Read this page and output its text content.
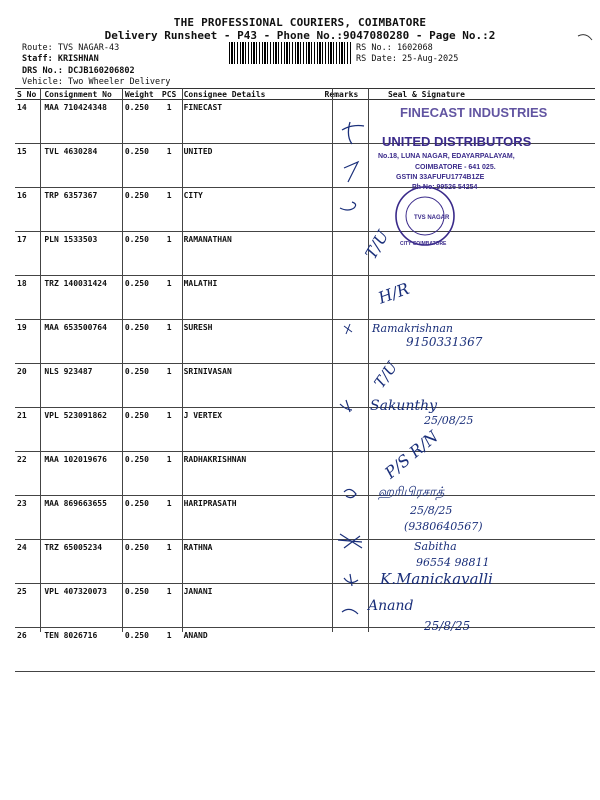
THE PROFESSIONAL COURIERS, COIMBATORE
Delivery Runsheet - P43 - Phone No.:9047080280 - Page No.:2
Route: TVS NAGAR-43
Staff: KRISHNAN
DRS No.: DCJB160206802
Vehicle: Two Wheeler Delivery
RS No.: 1602068
RS Date: 25-Aug-2025
S No	Consignment No	Weight	PCS	Consignee Details	Remarks	Seal & Signature
14	MAA 710424348	0.250	1	FINECAST		
15	TVL 4630284	0.250	1	UNITED		
16	TRP 6357367	0.250	1	CITY		
17	PLN 1533503	0.250	1	RAMANATHAN		
18	TRZ 140031424	0.250	1	MALATHI		
19	MAA 653500764	0.250	1	SURESH		
20	NLS 923487	0.250	1	SRINIVASAN		
21	VPL 523091862	0.250	1	J VERTEX		
22	MAA 102019676	0.250	1	RADHAKRISHNAN		
23	MAA 869663655	0.250	1	HARIPRASATH		
24	TRZ 65005234	0.250	1	RATHNA		
25	VPL 407320073	0.250	1	JANANI		
26	TEN 8026716	0.250	1	ANAND		
FINECAST INDUSTRIES
UNITED DISTRIBUTORS
No.18, LUNA NAGAR, EDAYARPALAYAM,
COIMBATORE - 641 025.
GSTIN 33AFUFU1774B1ZE
Ph No: 99526 54254
TVS NAGAR
CITY COIMBATORE
T/U
H/R
Ramakrishnan
9150331367
T/U
Sakunthy
25/08/25
P/S R/N
ஹரிபிரசாத்
25/8/25
(9380640567)
Sabitha
96554 98811
K.Manickavalli
Anand
25/8/25
